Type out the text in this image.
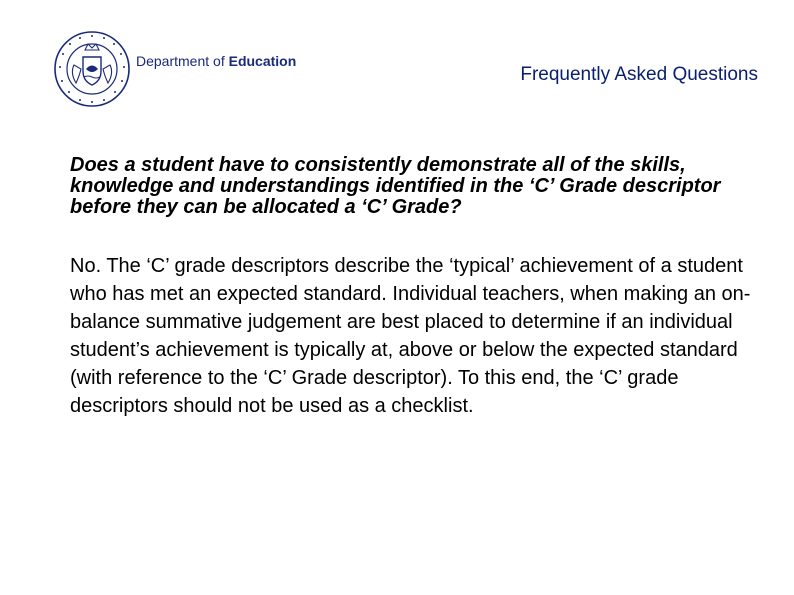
Department of Education
Frequently Asked Questions

Does a student have to consistently demonstrate all of the skills, knowledge and understandings identified in the ‘C’ Grade descriptor before they can be allocated a ‘C’ Grade?

No. The ‘C’ grade descriptors describe the ‘typical’ achievement of a student who has met an expected standard. Individual teachers, when making an on-balance summative judgement are best placed to determine if an individual student’s achievement is typically at, above or below the expected standard (with reference to the ‘C’ Grade descriptor). To this end, the ‘C’ grade descriptors should not be used as a checklist.
